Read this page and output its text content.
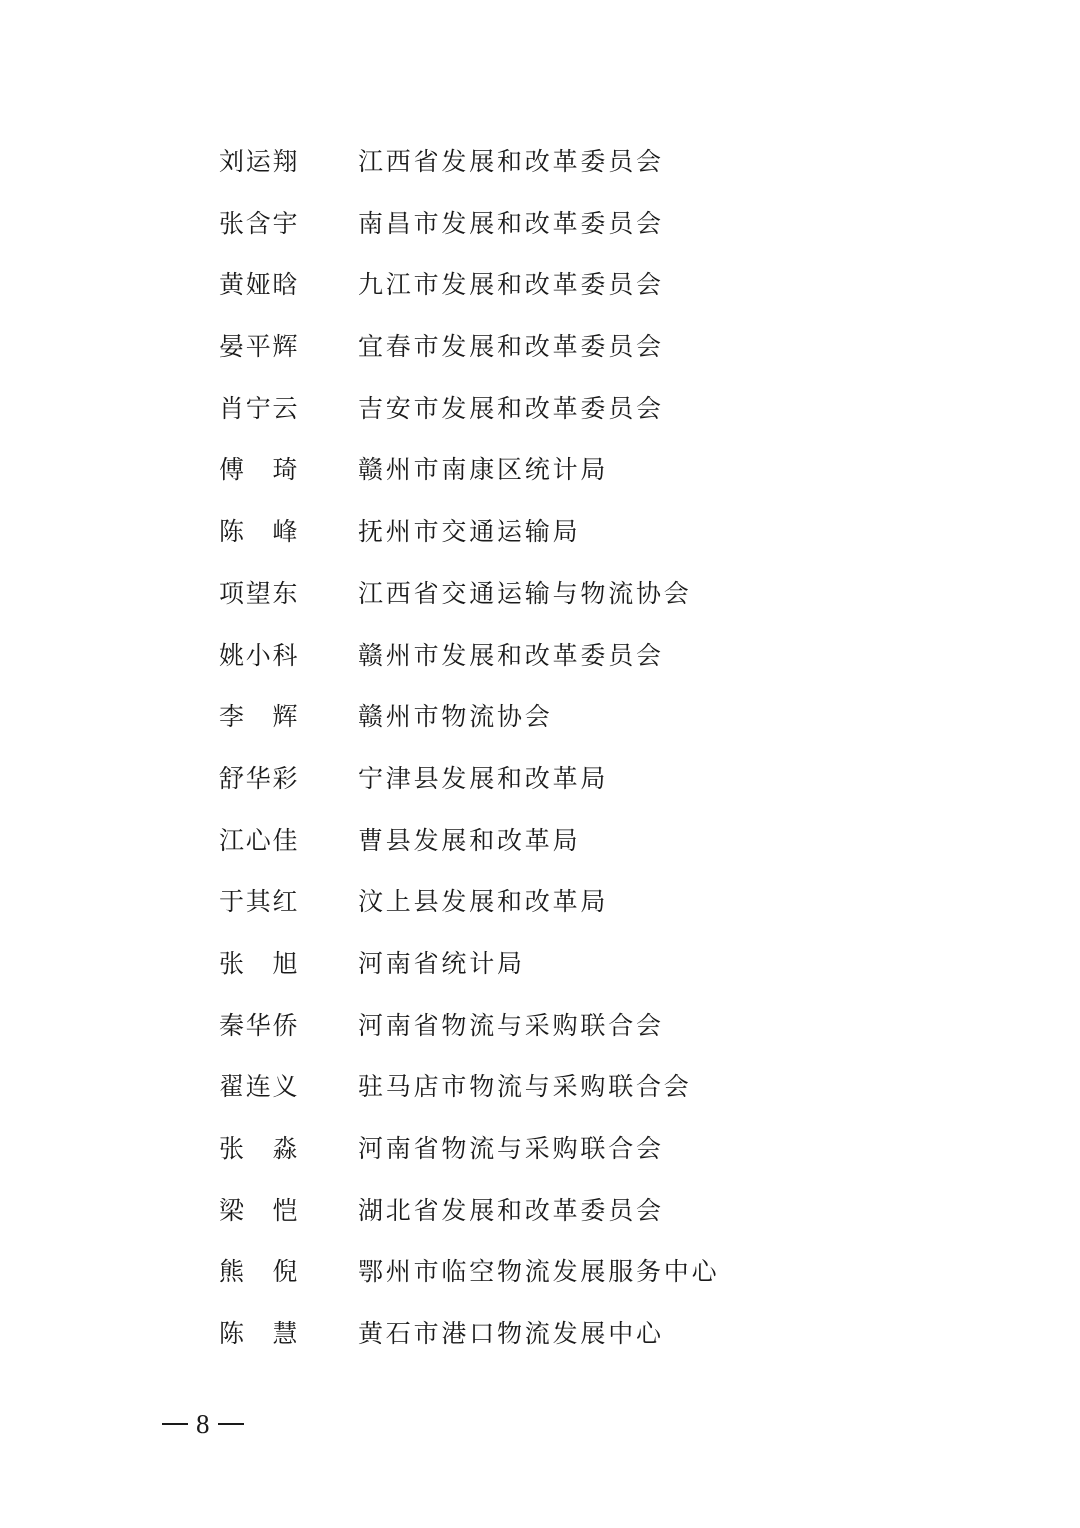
刘 运 翔 江西省发展和改革委员会
张 含 宇 南昌市发展和改革委员会
黄 娅 晗 九江市发展和改革委员会
晏 平 辉 宜春市发展和改革委员会
肖 宁 云 吉安市发展和改革委员会
傅 琦 赣州市南康区统计局
陈 峰 抚州市交通运输局
项 望 东 江西省交通运输与物流协会
姚 小 科 赣州市发展和改革委员会
李 辉 赣州市物流协会
舒 华 彩 宁津县发展和改革局
江 心 佳 曹县发展和改革局
于 其 红 汶上县发展和改革局
张 旭 河南省统计局
秦 华 侨 河南省物流与采购联合会
翟 连 义 驻马店市物流与采购联合会
张 淼 河南省物流与采购联合会
梁 恺 湖北省发展和改革委员会
熊 倪 鄂州市临空物流发展服务中心
陈 慧 黄石市港口物流发展中心
8
